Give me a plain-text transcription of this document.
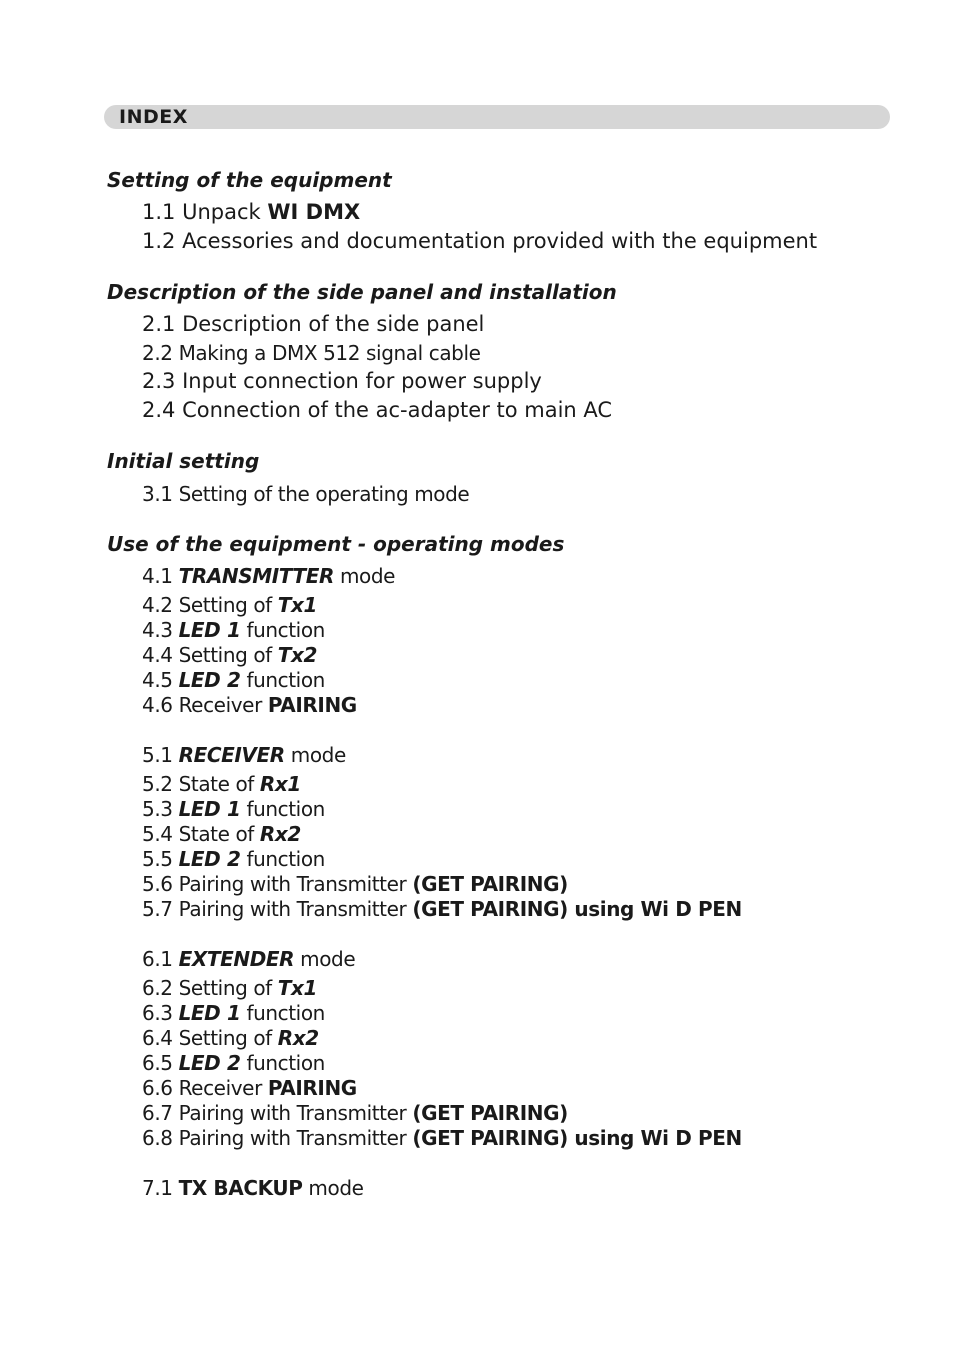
INDEX
Setting of the equipment
1.1 Unpack WI DMX
1.2 Acessories and documentation provided with the equipment
Description of the side panel and installation
2.1 Description of the side panel
2.2 Making a DMX 512 signal cable
2.3 Input connection for power supply
2.4 Connection of the ac-adapter to main AC
Initial setting
3.1 Setting of the operating mode
Use of the equipment - operating modes
4.1 TRANSMITTER mode
4.2 Setting of Tx1
4.3 LED 1 function
4.4 Setting of Tx2
4.5 LED 2 function
4.6 Receiver PAIRING
5.1 RECEIVER mode
5.2 State of Rx1
5.3 LED 1 function
5.4 State of Rx2
5.5 LED 2 function
5.6 Pairing with Transmitter (GET PAIRING)
5.7 Pairing with Transmitter (GET PAIRING) using Wi D PEN
6.1 EXTENDER mode
6.2 Setting of Tx1
6.3 LED 1 function
6.4 Setting of Rx2
6.5 LED 2 function
6.6 Receiver PAIRING
6.7 Pairing with Transmitter (GET PAIRING)
6.8 Pairing with Transmitter (GET PAIRING) using Wi D PEN
7.1 TX BACKUP mode
